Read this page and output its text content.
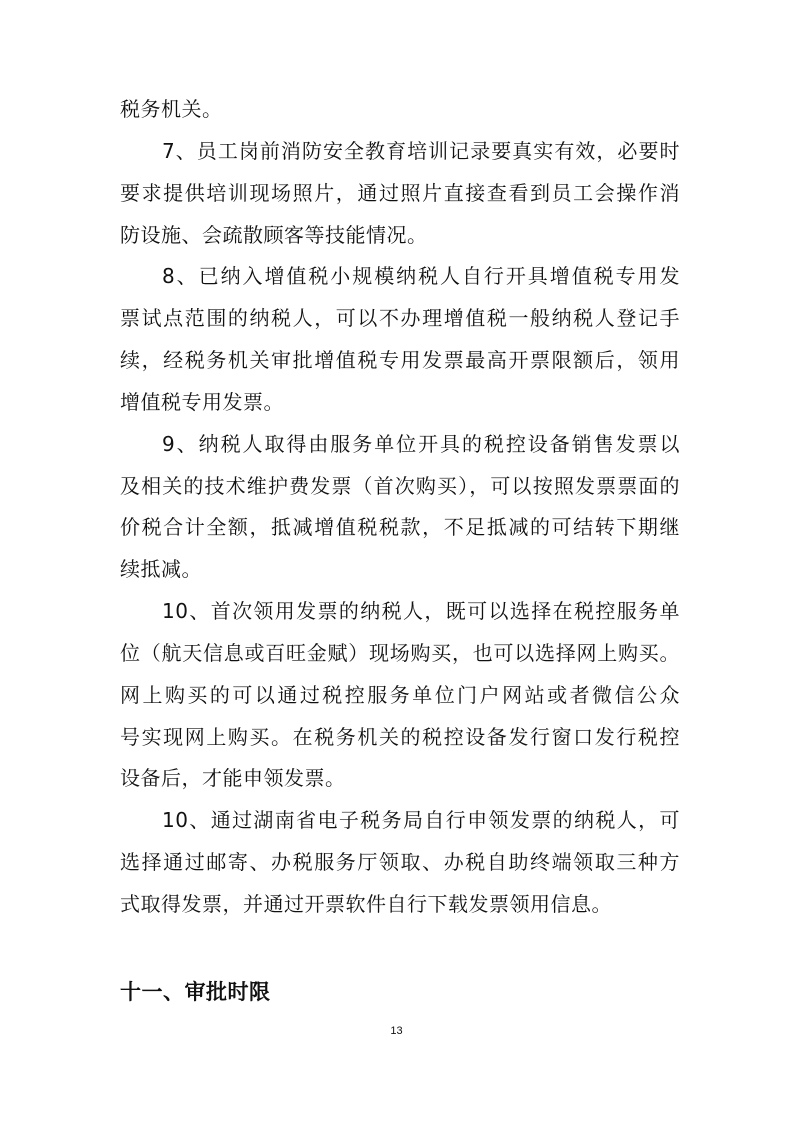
税务机关。
7、员工岗前消防安全教育培训记录要真实有效，必要时
要求提供培训现场照片，通过照片直接查看到员工会操作消
防设施、会疏散顾客等技能情况。
8、已纳入增值税小规模纳税人自行开具增值税专用发
票试点范围的纳税人，可以不办理增值税一般纳税人登记手
续，经税务机关审批增值税专用发票最高开票限额后，领用
增值税专用发票。
9、纳税人取得由服务单位开具的税控设备销售发票以
及相关的技术维护费发票（首次购买），可以按照发票票面的
价税合计全额，抵减增值税税款，不足抵减的可结转下期继
续抵减。
10、首次领用发票的纳税人，既可以选择在税控服务单
位（航天信息或百旺金赋）现场购买，也可以选择网上购买。
网上购买的可以通过税控服务单位门户网站或者微信公众
号实现网上购买。在税务机关的税控设备发行窗口发行税控
设备后，才能申领发票。
10、通过湖南省电子税务局自行申领发票的纳税人，可
选择通过邮寄、办税服务厅领取、办税自助终端领取三种方
式取得发票，并通过开票软件自行下载发票领用信息。
十一、审批时限
13
